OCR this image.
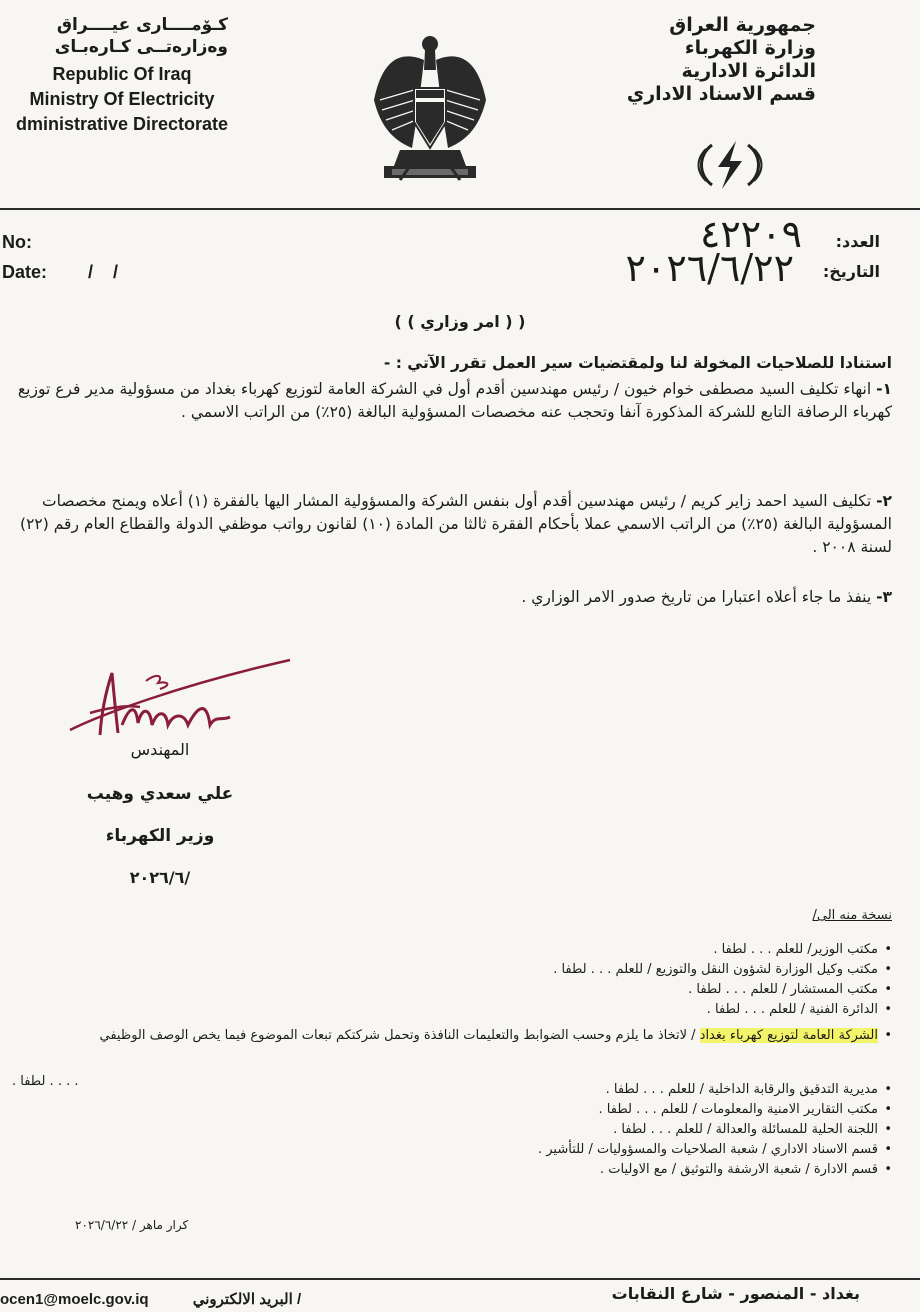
جمهورية العراق
وزارة الكهرباء
الدائرة الادارية
قسم الاسناد الاداري
كـۆمــــارى عيــــراق
وەزارەتــى كـارەبـاى
Republic Of Iraq
Ministry Of Electricity
dministrative Directorate
No:
Date: /    /
العدد:
٤٢٢٠٩
التاريخ:
٢٠٢٦/٦/٢٢
( ( امر وزاري ) )
استنادا للصلاحيات المخولة لنا ولمقتضيات سير العمل تقرر الآتي : -
١- انهاء تكليف السيد مصطفى خوام خيون / رئيس مهندسين أقدم أول في الشركة العامة لتوزيع كهرباء بغداد من مسؤولية مدير فرع توزيع كهرباء الرصافة التابع للشركة المذكورة آنفا وتحجب عنه مخصصات المسؤولية البالغة (٢٥٪) من الراتب الاسمي .
٢- تكليف السيد احمد زاير كريم / رئيس مهندسين أقدم أول بنفس الشركة والمسؤولية المشار اليها بالفقرة (١) أعلاه ويمنح مخصصات المسؤولية البالغة (٢٥٪) من الراتب الاسمي عملا بأحكام الفقرة ثالثا من المادة (١٠) لقانون رواتب موظفي الدولة والقطاع العام رقم (٢٢) لسنة ٢٠٠٨ .
٣- ينفذ ما جاء أعلاه اعتبارا من تاريخ صدور الامر الوزاري .
المهندس
علي سعدي وهيب
وزير الكهرباء
٢٠٢٦/٦/
نسخة منه الى/
• مكتب الوزير/ للعلم . . . لطفا .
• مكتب وكيل الوزارة لشؤون النقل والتوزيع / للعلم . . . لطفا .
• مكتب المستشار / للعلم . . . لطفا .
• الدائرة الفنية / للعلم . . . لطفا .
• الشركة العامة لتوزيع كهرباء بغداد / لاتخاذ ما يلزم وحسب الضوابط والتعليمات النافذة وتحمل شركتكم تبعات الموضوع فيما يخص الوصف الوظيفي
. . . . لطفا .
• مديرية التدقيق والرقابة الداخلية / للعلم . . . لطفا .
• مكتب التقارير الامنية والمعلومات / للعلم . . . لطفا .
• اللجنة الحلية للمسائلة والعدالة / للعلم . . . لطفا .
• قسم الاسناد الاداري / شعبة الصلاحيات والمسؤوليات / للتأشير .
• قسم الادارة / شعبة الارشفة والتوثيق / مع الاوليات .
كرار ماهر / ٢٠٢٦/٦/٢٢
بغداد - المنصور - شارع النقابات
ocen1@moelc.gov.iq	البريد الالكتروني /
